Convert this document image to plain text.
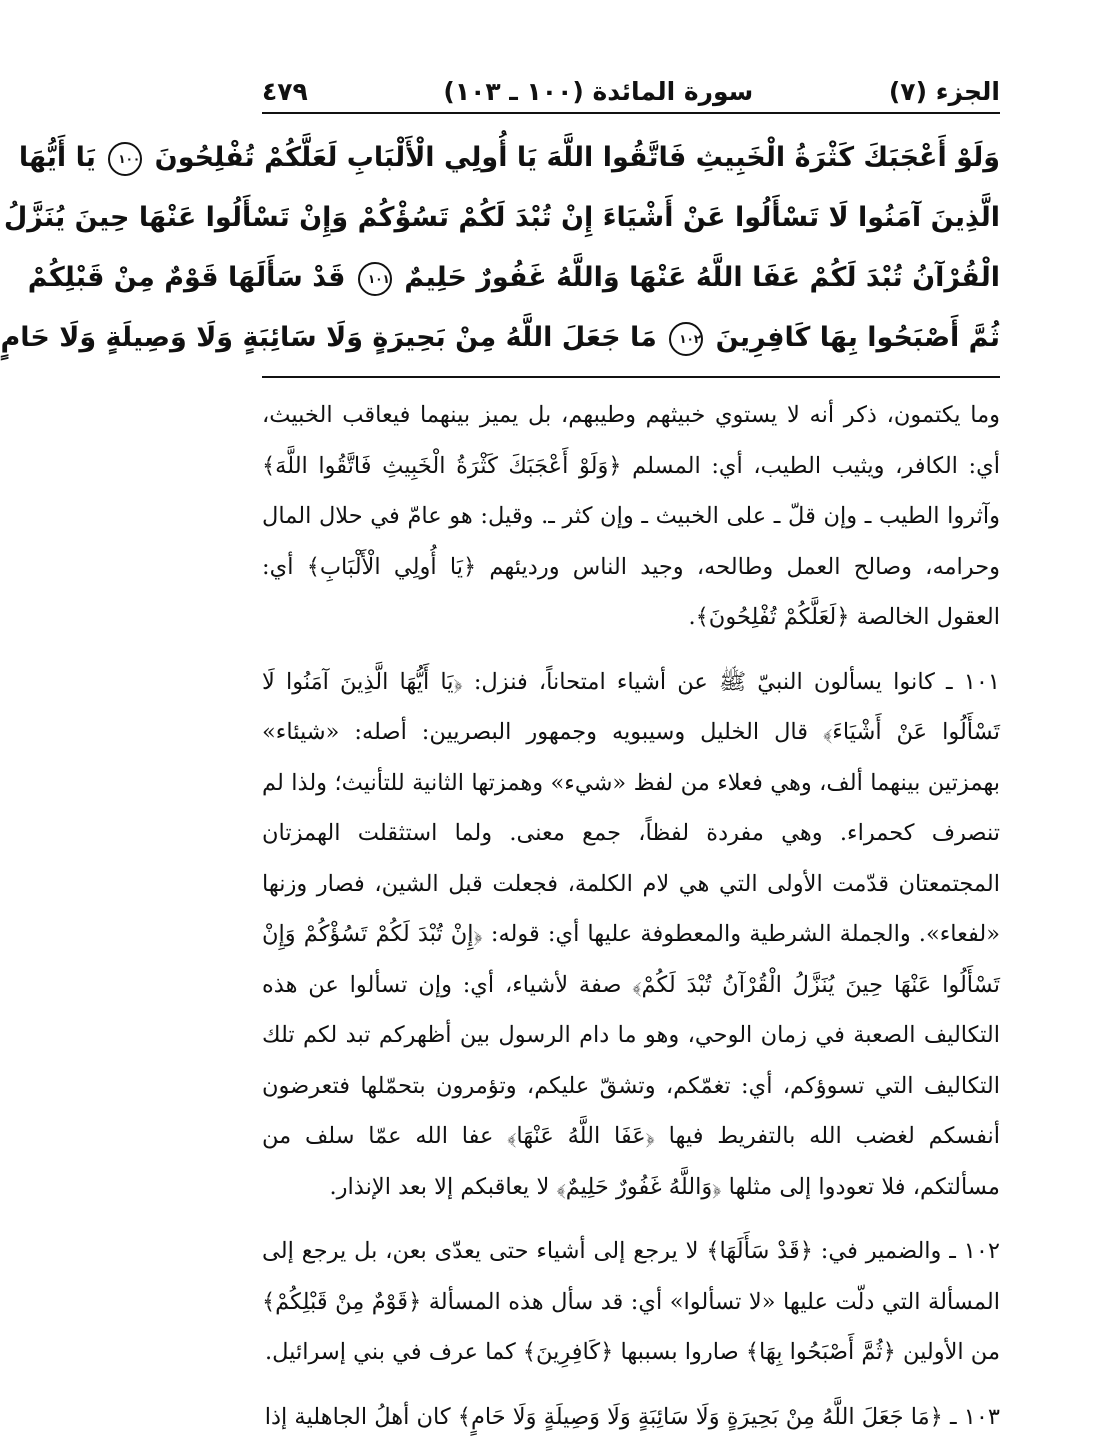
الجزء (٧)
سورة المائدة (١٠٠ ـ ١٠٣)
٤٧٩
وَلَوْ أَعْجَبَكَ كَثْرَةُ الْخَبِيثِ فَاتَّقُوا اللَّهَ يَا أُولِي الْأَلْبَابِ لَعَلَّكُمْ تُفْلِحُونَ ١٠٠ يَا أَيُّهَا
الَّذِينَ آمَنُوا لَا تَسْأَلُوا عَنْ أَشْيَاءَ إِنْ تُبْدَ لَكُمْ تَسُؤْكُمْ وَإِنْ تَسْأَلُوا عَنْهَا حِينَ يُنَزَّلُ
الْقُرْآنُ تُبْدَ لَكُمْ عَفَا اللَّهُ عَنْهَا وَاللَّهُ غَفُورٌ حَلِيمٌ ١٠١ قَدْ سَأَلَهَا قَوْمٌ مِنْ قَبْلِكُمْ
ثُمَّ أَصْبَحُوا بِهَا كَافِرِينَ ١٠٢ مَا جَعَلَ اللَّهُ مِنْ بَحِيرَةٍ وَلَا سَائِبَةٍ وَلَا وَصِيلَةٍ وَلَا حَامٍ

وما يكتمون، ذكر أنه لا يستوي خبيثهم وطيبهم، بل يميز بينهما فيعاقب الخبيث، أي: الكافر، ويثيب الطيب، أي: المسلم ﴿وَلَوْ أَعْجَبَكَ كَثْرَةُ الْخَبِيثِ فَاتَّقُوا اللَّهَ﴾ وآثروا الطيب ـ وإن قلّ ـ على الخبيث ـ وإن كثر ـ. وقيل: هو عامّ في حلال المال وحرامه، وصالح العمل وطالحه، وجيد الناس ورديئهم ﴿يَا أُولِي الْأَلْبَابِ﴾ أي: العقول الخالصة ﴿لَعَلَّكُمْ تُفْلِحُونَ﴾.

١٠١ ـ كانوا يسألون النبيّ ﷺ عن أشياء امتحاناً، فنزل: ﴿يَا أَيُّهَا الَّذِينَ آمَنُوا لَا تَسْأَلُوا عَنْ أَشْيَاءَ﴾ قال الخليل وسيبويه وجمهور البصريين: أصله: «شيئاء» بهمزتين بينهما ألف، وهي فعلاء من لفظ «شيء» وهمزتها الثانية للتأنيث؛ ولذا لم تنصرف كحمراء. وهي مفردة لفظاً، جمع معنى. ولما استثقلت الهمزتان المجتمعتان قدّمت الأولى التي هي لام الكلمة، فجعلت قبل الشين، فصار وزنها «لفعاء». والجملة الشرطية والمعطوفة عليها أي: قوله: ﴿إِنْ تُبْدَ لَكُمْ تَسُؤْكُمْ وَإِنْ تَسْأَلُوا عَنْهَا حِينَ يُنَزَّلُ الْقُرْآنُ تُبْدَ لَكُمْ﴾ صفة لأشياء، أي: وإن تسألوا عن هذه التكاليف الصعبة في زمان الوحي، وهو ما دام الرسول بين أظهركم تبد لكم تلك التكاليف التي تسوؤكم، أي: تغمّكم، وتشقّ عليكم، وتؤمرون بتحمّلها فتعرضون أنفسكم لغضب الله بالتفريط فيها ﴿عَفَا اللَّهُ عَنْهَا﴾ عفا الله عمّا سلف من مسألتكم، فلا تعودوا إلى مثلها ﴿وَاللَّهُ غَفُورٌ حَلِيمٌ﴾ لا يعاقبكم إلا بعد الإنذار.

١٠٢ ـ والضمير في: ﴿قَدْ سَأَلَهَا﴾ لا يرجع إلى أشياء حتى يعدّى بعن، بل يرجع إلى المسألة التي دلّت عليها «لا تسألوا» أي: قد سأل هذه المسألة ﴿قَوْمٌ مِنْ قَبْلِكُمْ﴾ من الأولين ﴿ثُمَّ أَصْبَحُوا بِهَا﴾ صاروا بسببها ﴿كَافِرِينَ﴾ كما عرف في بني إسرائيل.

١٠٣ ـ ﴿مَا جَعَلَ اللَّهُ مِنْ بَحِيرَةٍ وَلَا سَائِبَةٍ وَلَا وَصِيلَةٍ وَلَا حَامٍ﴾ كان أهلُ الجاهلية إذا
